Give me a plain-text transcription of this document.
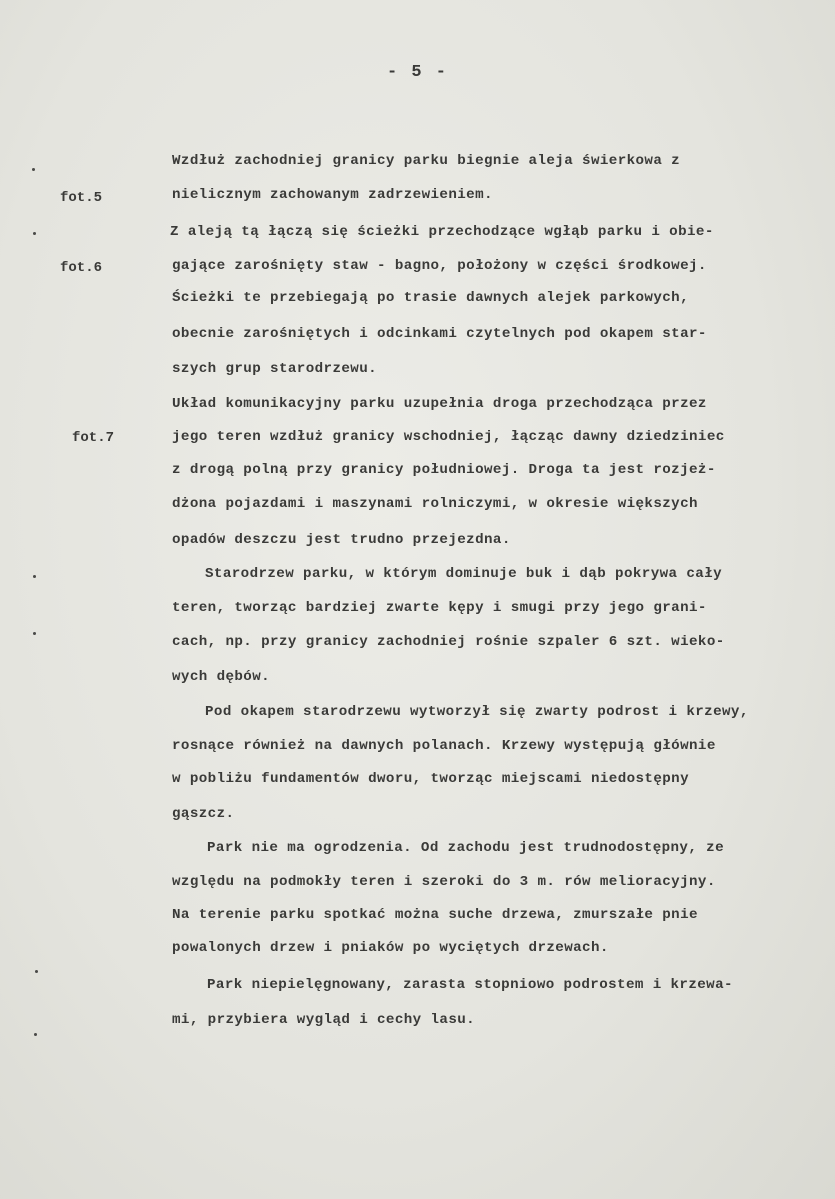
- 5 -
fot.5
fot.6
fot.7
Wzdłuż zachodniej granicy parku biegnie aleja świerkowa z
nielicznym zachowanym zadrzewieniem.
Z aleją tą łączą się ścieżki przechodzące wgłąb parku i obie-
gające zarośnięty staw - bagno, położony w części środkowej.
Ścieżki te przebiegają po trasie dawnych alejek parkowych,
obecnie zarośniętych i odcinkami czytelnych pod okapem star-
szych grup starodrzewu.
Układ komunikacyjny parku uzupełnia droga przechodząca przez
jego teren wzdłuż granicy wschodniej, łącząc dawny dziedziniec
z drogą polną przy granicy południowej. Droga ta jest rozjeż-
dżona pojazdami i maszynami rolniczymi, w okresie większych
opadów deszczu jest trudno przejezdna.
Starodrzew parku, w którym dominuje buk i dąb pokrywa cały
teren, tworząc bardziej zwarte kępy i smugi przy jego grani-
cach, np. przy granicy zachodniej rośnie szpaler 6 szt. wieko-
wych dębów.
Pod okapem starodrzewu wytworzył się zwarty podrost i krzewy,
rosnące również na dawnych polanach. Krzewy występują głównie
w pobliżu fundamentów dworu, tworząc miejscami niedostępny
gąszcz.
Park nie ma ogrodzenia. Od zachodu jest trudnodostępny, ze
względu na podmokły teren i szeroki do 3 m. rów melioracyjny.
Na terenie parku spotkać można suche drzewa, zmurszałe pnie
powalonych drzew i pniaków po wyciętych drzewach.
Park niepielęgnowany, zarasta stopniowo podrostem i krzewa-
mi, przybiera wygląd i cechy lasu.
